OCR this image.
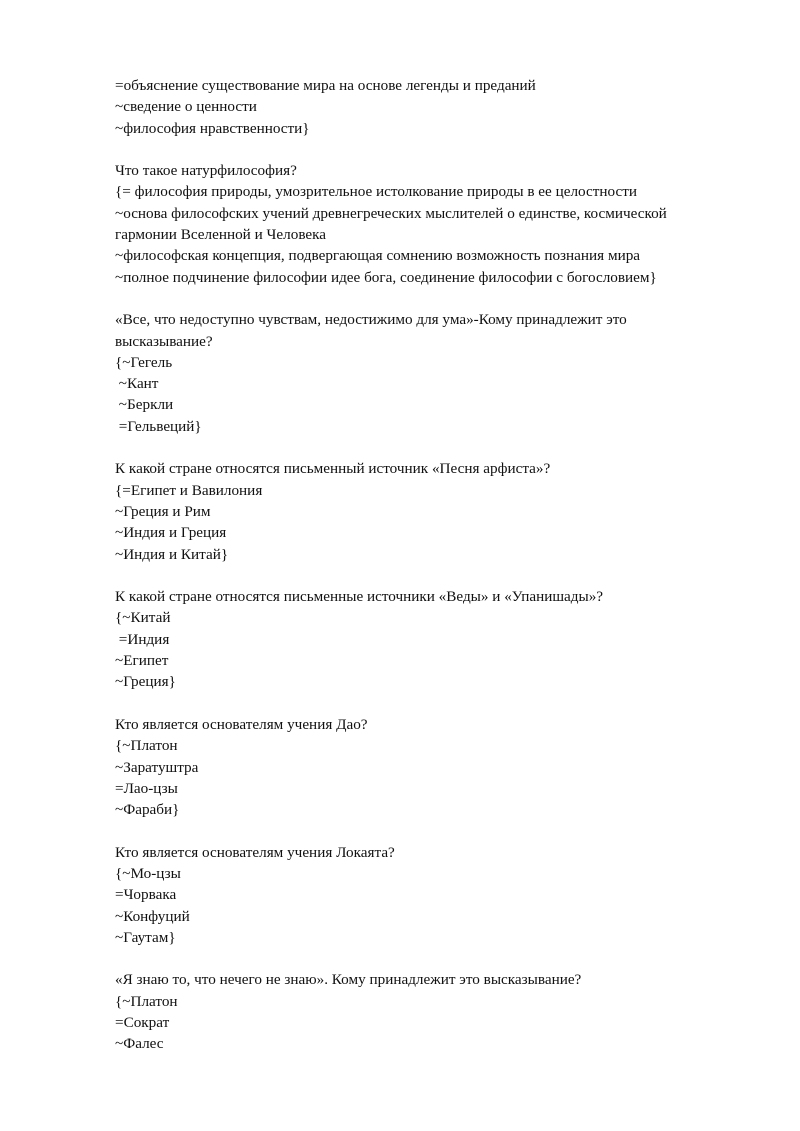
=объяснение существование мира на основе легенды и преданий
~сведение о ценности
~философия нравственности}
Что такое натурфилософия?
{= философия природы, умозрительное истолкование природы в ее целостности
~основа философских учений древнегреческих мыслителей о единстве, космической
гармонии Вселенной и Человека
~философская концепция, подвергающая сомнению возможность познания мира
~полное подчинение философии идее бога, соединение философии с богословием}
«Все, что недоступно чувствам, недостижимо для ума»-Кому принадлежит это
высказывание?
{~Гегель
~Кант
~Беркли
=Гельвеций}
К какой стране относятся письменный источник «Песня арфиста»?
{=Египет и Вавилония
~Греция и Рим
~Индия и Греция
~Индия и Китай}
К какой стране относятся письменные источники «Веды» и «Упанишады»?
{~Китай
=Индия
~Египет
~Греция}
Кто является основателям учения Дао?
{~Платон
~Заратуштра
=Лао-цзы
~Фараби}
Кто является основателям учения Локаята?
{~Мо-цзы
=Чорвака
~Конфуций
~Гаутам}
«Я знаю то, что нечего не знаю». Кому принадлежит это высказывание?
{~Платон
=Сократ
~Фалес
